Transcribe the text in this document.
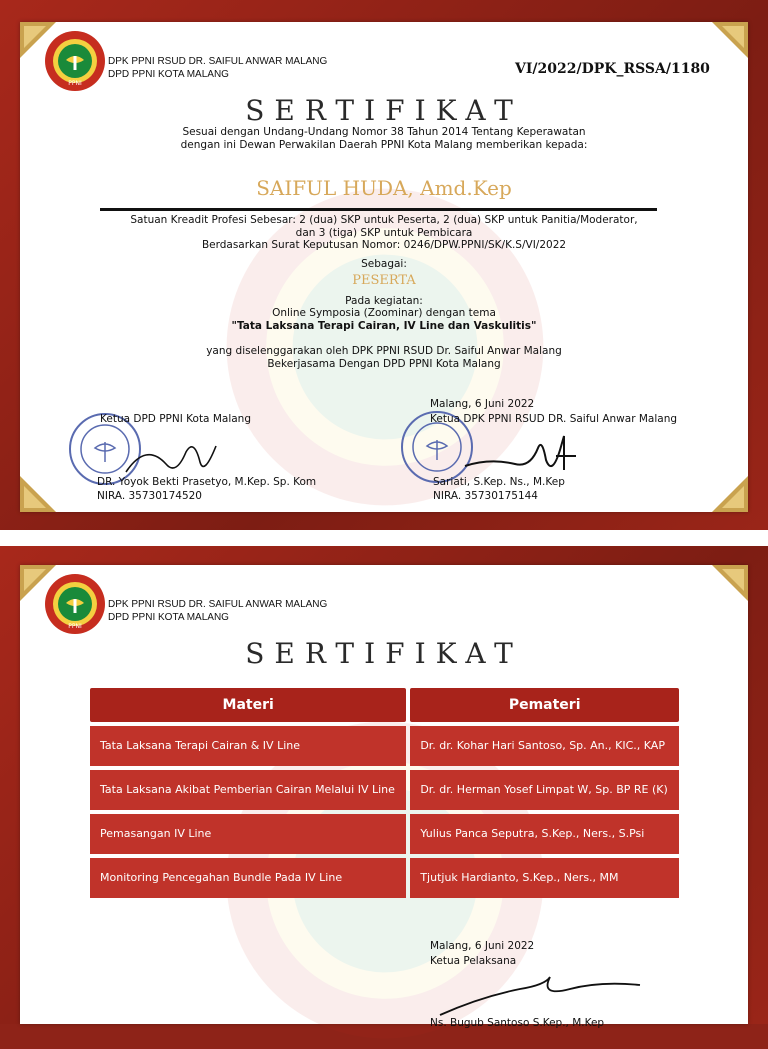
PPNI
DPK PPNI RSUD DR. SAIFUL ANWAR MALANG
DPD PPNI KOTA MALANG	VI/2022/DPK_RSSA/1180
SERTIFIKAT
Sesuai dengan Undang-Undang Nomor 38 Tahun 2014 Tentang Keperawatan
dengan ini Dewan Perwakilan Daerah PPNI Kota Malang memberikan kepada:
SAIFUL HUDA, Amd.Kep
Satuan Kreadit Profesi Sebesar: 2 (dua) SKP untuk Peserta, 2 (dua) SKP untuk Panitia/Moderator,
dan 3 (tiga) SKP untuk Pembicara
Berdasarkan Surat Keputusan Nomor: 0246/DPW.PPNI/SK/K.S/VI/2022
Sebagai:
PESERTA
Pada kegiatan:
Online Symposia (Zoominar) dengan tema
"Tata Laksana Terapi Cairan, IV Line dan Vaskulitis"
yang diselenggarakan oleh DPK PPNI RSUD Dr. Saiful Anwar Malang
Bekerjasama Dengan DPD PPNI Kota Malang
Ketua DPD PPNI Kota Malang
DR. Yoyok Bekti Prasetyo, M.Kep. Sp. Kom
NIRA. 35730174520
Malang, 6 Juni 2022
Ketua DPK PPNI RSUD DR. Saiful Anwar Malang
Sariati, S.Kep. Ns., M.Kep
NIRA. 35730175144
PPNI
DPK PPNI RSUD DR. SAIFUL ANWAR MALANG
DPD PPNI KOTA MALANG
SERTIFIKAT
Materi	Pemateri
Tata Laksana Terapi Cairan & IV Line	Dr. dr. Kohar Hari Santoso, Sp. An., KIC., KAP
Tata Laksana Akibat Pemberian Cairan Melalui IV Line	Dr. dr. Herman Yosef Limpat W, Sp. BP RE (K)
Pemasangan IV Line	Yulius Panca Seputra, S.Kep., Ners., S.Psi
Monitoring Pencegahan Bundle Pada IV Line	Tjutjuk Hardianto, S.Kep., Ners., MM
Malang, 6 Juni 2022
Ketua Pelaksana
Ns. Bugub Santoso S.Kep., M.Kep
